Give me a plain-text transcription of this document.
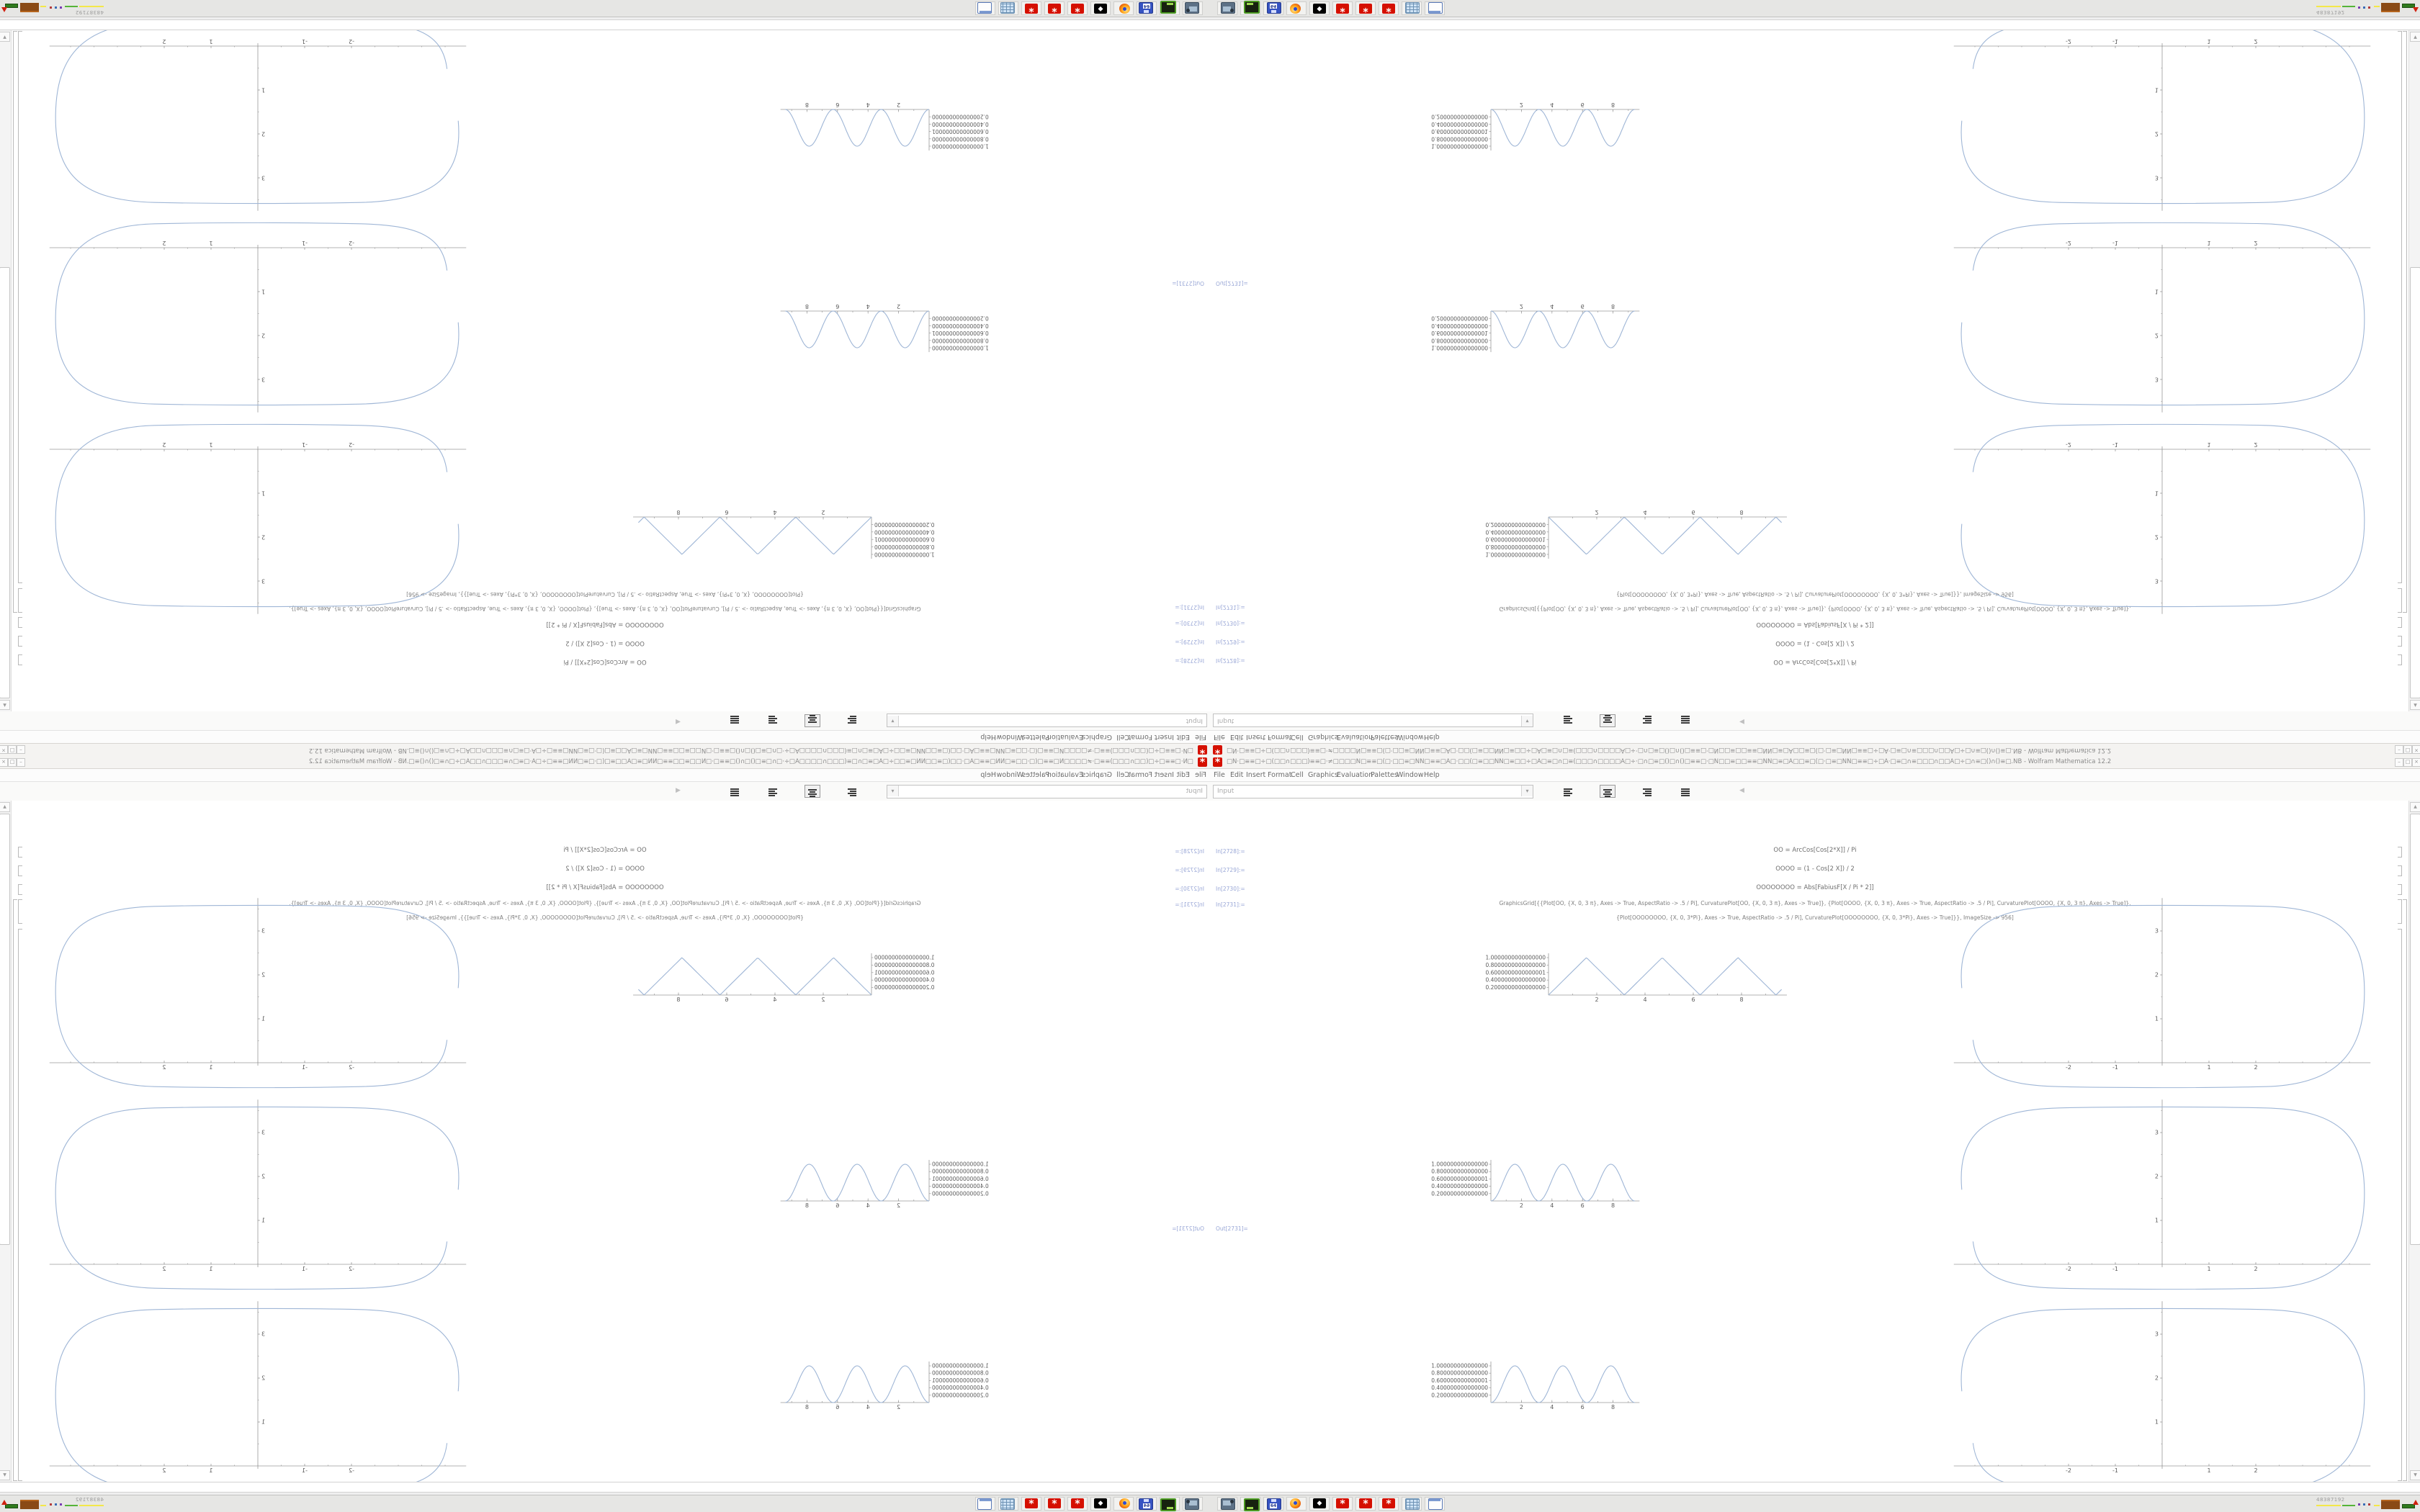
*
□N·□≡≡□÷□(□□∩□□□)≡≡□·≠□□□□N□≡≡□(□·□□≡□NN□≡≡□A□·□□(□≡□□NN□≡□□÷□A□≡□∩□≡(□□□∩□□□□A□÷·□∩□≡□()□∩()□≡≡□·□N□□≡□□≡≡□NN□≡□A□□≡□(□·□≡□NN□≡≡□÷□A·□≡□∩≡□□□∩□□A□÷□∩≡□()∩()≡□.NB - Wolfram Mathematica 12.2
–
□
×
File
Edit
Insert
Format
Cell
Graphics
Evaluation
Palettes
Window
Help
Input
▾
◀
In[2728]:=
In[2729]:=
In[2730]:=
OO = ArcCos[Cos[2*X]] / Pi
OOOO = (1 - Cos[2 X]) / 2
OOOOOOOO = Abs[FabiusF[X / Pi * 2]]
In[2731]:=
GraphicsGrid[{{Plot[OO, {X, 0, 3 π}, Axes -> True, AspectRatio -> .5 / Pi], CurvaturePlot[OO, {X, 0, 3 π}, Axes -> True]}, {Plot[OOOO, {X, 0, 3 π}, Axes -> True, AspectRatio -> .5 / Pi], CurvaturePlot[OOOO, {X, 0, 3 π}, Axes -> True]},
{Plot[OOOOOOOO, {X, 0, 3*Pi}, Axes -> True, AspectRatio -> .5 / Pi], CurvaturePlot[OOOOOOOO, {X, 0, 3*Pi}, Axes -> True]}}, ImageSize -> 956]
Out[2731]=
1.0000000000000000
0.8000000000000000
0.6000000000000001
0.4000000000000000
0.2000000000000000
2
4
6
8
3
2
1
-2
-1
1
2
1.000000000000000
0.800000000000000
0.600000000000001
0.400000000000000
0.200000000000000
2
4
6
8
3
2
1
-2
-1
1
2
1.000000000000000
0.800000000000000
0.600000000000001
0.400000000000000
0.200000000000000
2
4
6
8
3
2
1
-2
-1
1
2
▲
▼
64
◆
*
*
*
48387192
*	□N·□≡≡□÷□(□□∩□□□)≡≡□·≠□□□□N□≡≡□(□·□□≡□NN□≡≡□A□·□□(□≡□□NN□≡□□÷□A□≡□∩□≡(□□□∩□□□□A□÷·□∩□≡□()□∩()□≡≡□·□N□□≡□□≡≡□NN□≡□A□□≡□(□·□≡□NN□≡≡□÷□A·□≡□∩≡□□□∩□□A□÷□∩≡□()∩()≡□.NB - Wolfram Mathematica 12.2	– □ ×
File Edit Insert Format
Cell Graphics
Evaluation
Palettes
Window Help
Input	▾	◀
In[2728]:=
In[2729]:=
In[2730]:=
OO = ArcCos[Cos[2*X]] / Pi
OOOO = (1 - Cos[2 X]) / 2
OOOOOOOO = Abs[FabiusF[X / Pi * 2]]
In[2731]:=	GraphicsGrid[{{Plot[OO, {X, 0, 3 π}, Axes -> True, AspectRatio -> .5 / Pi], CurvaturePlot[OO, {X, 0, 3 π}, Axes -> True]}, {Plot[OOOO, {X, 0, 3 π}, Axes -> True, AspectRatio -> .5 / Pi], CurvaturePlot[OOOO, {X, 0, 3 π}, Axes -> True]},
{Plot[OOOOOOOO, {X, 0, 3*Pi}, Axes -> True, AspectRatio -> .5 / Pi], CurvaturePlot[OOOOOOOO, {X, 0, 3*Pi}, Axes -> True]}}, ImageSize -> 956]
Out[2731]=
1.0000000000000000
0.8000000000000000
0.6000000000000001
0.4000000000000000
0.2000000000000000
2	4	6	8
3
2
1
-2	-1	1	2
1.000000000000000
0.800000000000000
0.600000000000001
0.400000000000000
0.200000000000000
2	4	6	8
3
2
1
-2	-1	1	2
1.000000000000000
0.800000000000000
0.600000000000001
0.400000000000000
0.200000000000000
2	4	6	8
3
2
1
-2	-1	1	2
▲
▼
64	◆	*	*	*	48387192
*
□N·□≡≡□÷□(□□∩□□□)≡≡□·≠□□□□N□≡≡□(□·□□≡□NN□≡≡□A□·□□(□≡□□NN□≡□□÷□A□≡□∩□≡(□□□∩□□□□A□÷·□∩□≡□()□∩()□≡≡□·□N□□≡□□≡≡□NN□≡□A□□≡□(□·□≡□NN□≡≡□÷□A·□≡□∩≡□□□∩□□A□÷□∩≡□()∩()≡□.NB - Wolfram Mathematica 12.2
–
□
×
File
Edit
Insert
Format
Cell
Graphics
Evaluation
Palettes
Window
Help
Input
▾
◀
In[2728]:=
In[2729]:=
In[2730]:=
OO = ArcCos[Cos[2*X]] / Pi
OOOO = (1 - Cos[2 X]) / 2
OOOOOOOO = Abs[FabiusF[X / Pi * 2]]
In[2731]:=
GraphicsGrid[{{Plot[OO, {X, 0, 3 π}, Axes -> True, AspectRatio -> .5 / Pi], CurvaturePlot[OO, {X, 0, 3 π}, Axes -> True]}, {Plot[OOOO, {X, 0, 3 π}, Axes -> True, AspectRatio -> .5 / Pi], CurvaturePlot[OOOO, {X, 0, 3 π}, Axes -> True]},
{Plot[OOOOOOOO, {X, 0, 3*Pi}, Axes -> True, AspectRatio -> .5 / Pi], CurvaturePlot[OOOOOOOO, {X, 0, 3*Pi}, Axes -> True]}}, ImageSize -> 956]
Out[2731]=
1.0000000000000000
0.8000000000000000
0.6000000000000001
0.4000000000000000
0.2000000000000000
2
4
6
8
3
2
1
-2
-1
1
2
1.000000000000000
0.800000000000000
0.600000000000001
0.400000000000000
0.200000000000000
2
4
6
8
3
2
1
-2
-1
1
2
1.000000000000000
0.800000000000000
0.600000000000001
0.400000000000000
0.200000000000000
2
4
6
8
3
2
1
-2
-1
1
2
▲
▼
64
◆
*
*
*
48387192
*	□N·□≡≡□÷□(□□∩□□□)≡≡□·≠□□□□N□≡≡□(□·□□≡□NN□≡≡□A□·□□(□≡□□NN□≡□□÷□A□≡□∩□≡(□□□∩□□□□A□÷·□∩□≡□()□∩()□≡≡□·□N□□≡□□≡≡□NN□≡□A□□≡□(□·□≡□NN□≡≡□÷□A·□≡□∩≡□□□∩□□A□÷□∩≡□()∩()≡□.NB - Wolfram Mathematica 12.2	– □ ×
File Edit Insert Format
Cell Graphics
Evaluation
Palettes
Window Help
Input	▾	◀
In[2728]:=
In[2729]:=
In[2730]:=
OO = ArcCos[Cos[2*X]] / Pi
OOOO = (1 - Cos[2 X]) / 2
OOOOOOOO = Abs[FabiusF[X / Pi * 2]]
In[2731]:=	GraphicsGrid[{{Plot[OO, {X, 0, 3 π}, Axes -> True, AspectRatio -> .5 / Pi], CurvaturePlot[OO, {X, 0, 3 π}, Axes -> True]}, {Plot[OOOO, {X, 0, 3 π}, Axes -> True, AspectRatio -> .5 / Pi], CurvaturePlot[OOOO, {X, 0, 3 π}, Axes -> True]},
{Plot[OOOOOOOO, {X, 0, 3*Pi}, Axes -> True, AspectRatio -> .5 / Pi], CurvaturePlot[OOOOOOOO, {X, 0, 3*Pi}, Axes -> True]}}, ImageSize -> 956]
Out[2731]=
1.0000000000000000
0.8000000000000000
0.6000000000000001
0.4000000000000000
0.2000000000000000
2	4	6	8
3
2
1
-2	-1	1	2
1.000000000000000
0.800000000000000
0.600000000000001
0.400000000000000
0.200000000000000
2	4	6	8
3
2
1
-2	-1	1	2
1.000000000000000
0.800000000000000
0.600000000000001
0.400000000000000
0.200000000000000
2	4	6	8
3
2
1
-2	-1	1	2
▲
▼
64	◆	*	*	*	48387192
